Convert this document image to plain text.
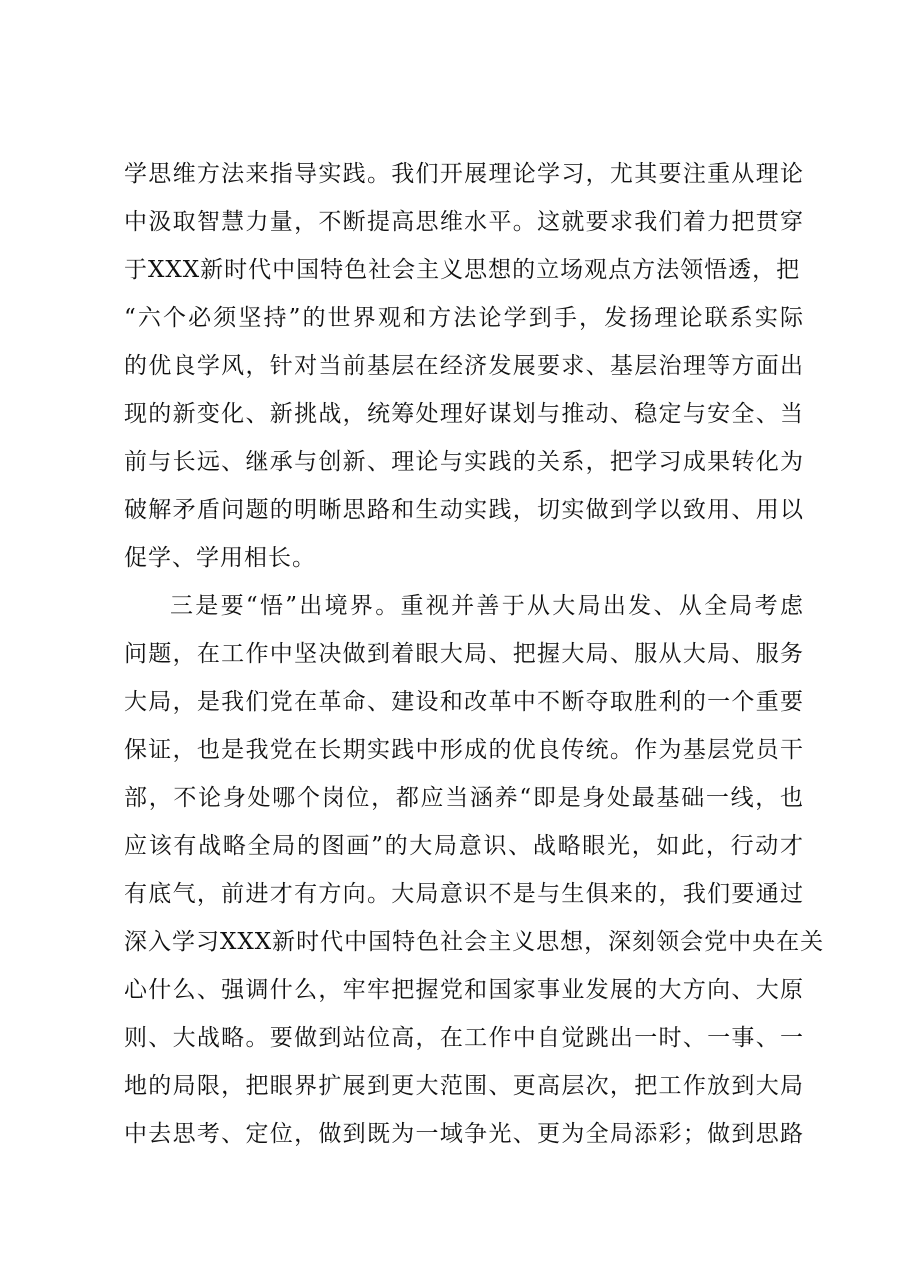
学思维方法来指导实践。我们开展理论学习，尤其要注重从理论
中汲取智慧力量，不断提高思维水平。这就要求我们着力把贯穿
于XXX新时代中国特色社会主义思想的立场观点方法领悟透，把
“六个必须坚持”的世界观和方法论学到手，发扬理论联系实际
的优良学风，针对当前基层在经济发展要求、基层治理等方面出
现的新变化、新挑战，统筹处理好谋划与推动、稳定与安全、当
前与长远、继承与创新、理论与实践的关系，把学习成果转化为
破解矛盾问题的明晰思路和生动实践，切实做到学以致用、用以
促学、学用相长。
三是要“悟”出境界。重视并善于从大局出发、从全局考虑
问题，在工作中坚决做到着眼大局、把握大局、服从大局、服务
大局，是我们党在革命、建设和改革中不断夺取胜利的一个重要
保证，也是我党在长期实践中形成的优良传统。作为基层党员干
部，不论身处哪个岗位，都应当涵养“即是身处最基础一线，也
应该有战略全局的图画”的大局意识、战略眼光，如此，行动才
有底气，前进才有方向。大局意识不是与生俱来的，我们要通过
深入学习XXX新时代中国特色社会主义思想，深刻领会党中央在关
心什么、强调什么，牢牢把握党和国家事业发展的大方向、大原
则、大战略。要做到站位高，在工作中自觉跳出一时、一事、一
地的局限，把眼界扩展到更大范围、更高层次，把工作放到大局
中去思考、定位，做到既为一域争光、更为全局添彩；做到思路
